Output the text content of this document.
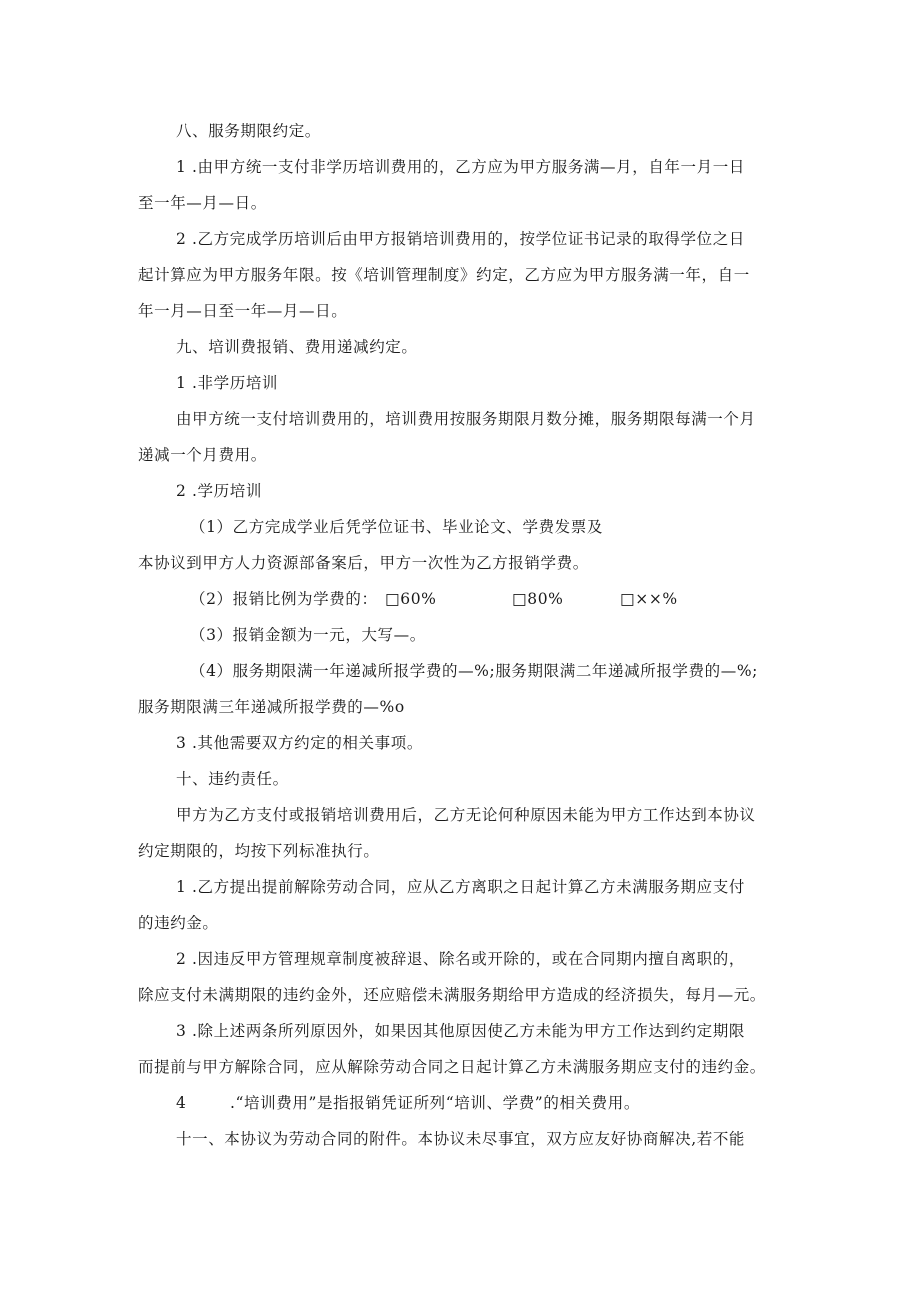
八、服务期限约定。
1 .由甲方统一支付非学历培训费用的，乙方应为甲方服务满—月，自年一月一日
至一年—月—日。
2 .乙方完成学历培训后由甲方报销培训费用的，按学位证书记录的取得学位之日
起计算应为甲方服务年限。按《培训管理制度》约定，乙方应为甲方服务满一年，自一
年一月—日至一年—月—日。
九、培训费报销、费用递减约定。
1 .非学历培训
由甲方统一支付培训费用的，培训费用按服务期限月数分摊，服务期限每满一个月
递减一个月费用。
2 .学历培训
（1）乙方完成学业后凭学位证书、毕业论文、学费发票及
本协议到甲方人力资源部备案后，甲方一次性为乙方报销学费。
（2）报销比例为学费的： □60%	□80%	□××%
（3）报销金额为一元，大写—。
（4）服务期限满一年递减所报学费的—%;服务期限满二年递减所报学费的—%;
服务期限满三年递减所报学费的—%o
3 .其他需要双方约定的相关事项。
十、违约责任。
甲方为乙方支付或报销培训费用后，乙方无论何种原因未能为甲方工作达到本协议
约定期限的，均按下列标准执行。
1 .乙方提出提前解除劳动合同，应从乙方离职之日起计算乙方未满服务期应支付
的违约金。
2 .因违反甲方管理规章制度被辞退、除名或开除的，或在合同期内擅自离职的，
除应支付未满期限的违约金外，还应赔偿未满服务期给甲方造成的经济损失，每月—元。
3 .除上述两条所列原因外，如果因其他原因使乙方未能为甲方工作达到约定期限
而提前与甲方解除合同，应从解除劳动合同之日起计算乙方未满服务期应支付的违约金。
4	.“培训费用”是指报销凭证所列“培训、学费”的相关费用。
十一、本协议为劳动合同的附件。本协议未尽事宜，双方应友好协商解决,若不能
